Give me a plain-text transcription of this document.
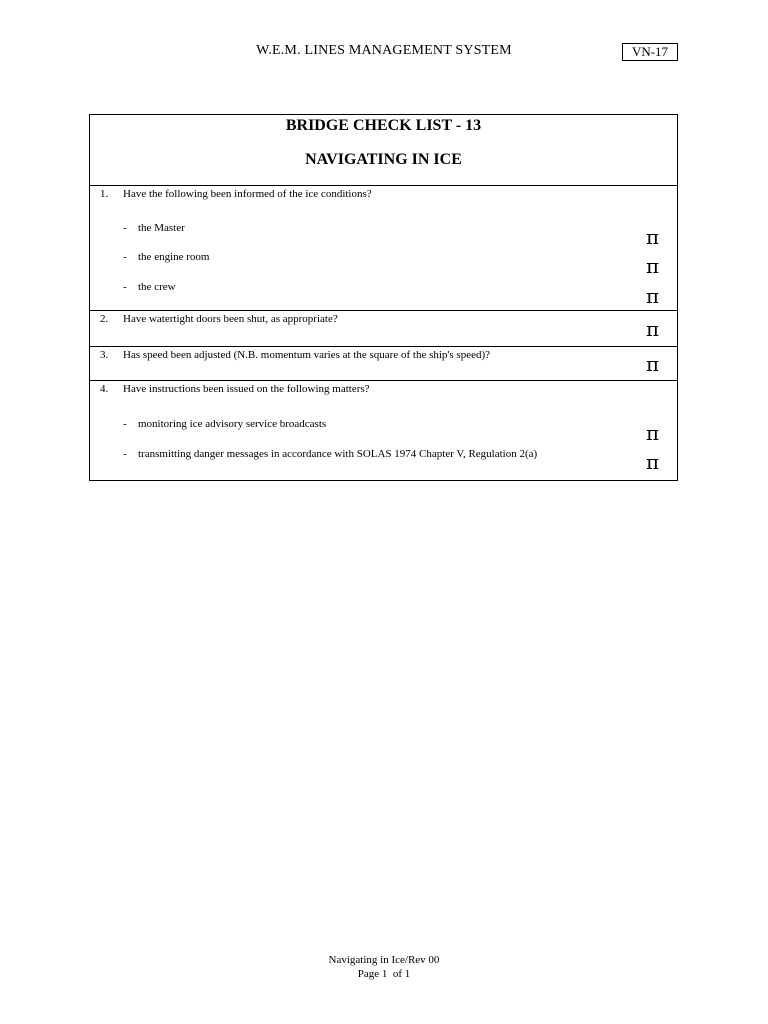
W.E.M. LINES MANAGEMENT SYSTEM	VN-17
BRIDGE CHECK LIST - 13
NAVIGATING IN ICE
1. Have the following been informed of the ice conditions?
- the Master	π
- the engine room	π
- the crew	π
2. Have watertight doors been shut, as appropriate?	π
3. Has speed been adjusted (N.B. momentum varies at the square of the ship's speed)?	π
4. Have instructions been issued on the following matters?
- monitoring ice advisory service broadcasts	π
- transmitting danger messages in accordance with SOLAS 1974 Chapter V, Regulation 2(a)	π
Navigating in Ice/Rev 00
Page 1  of 1
